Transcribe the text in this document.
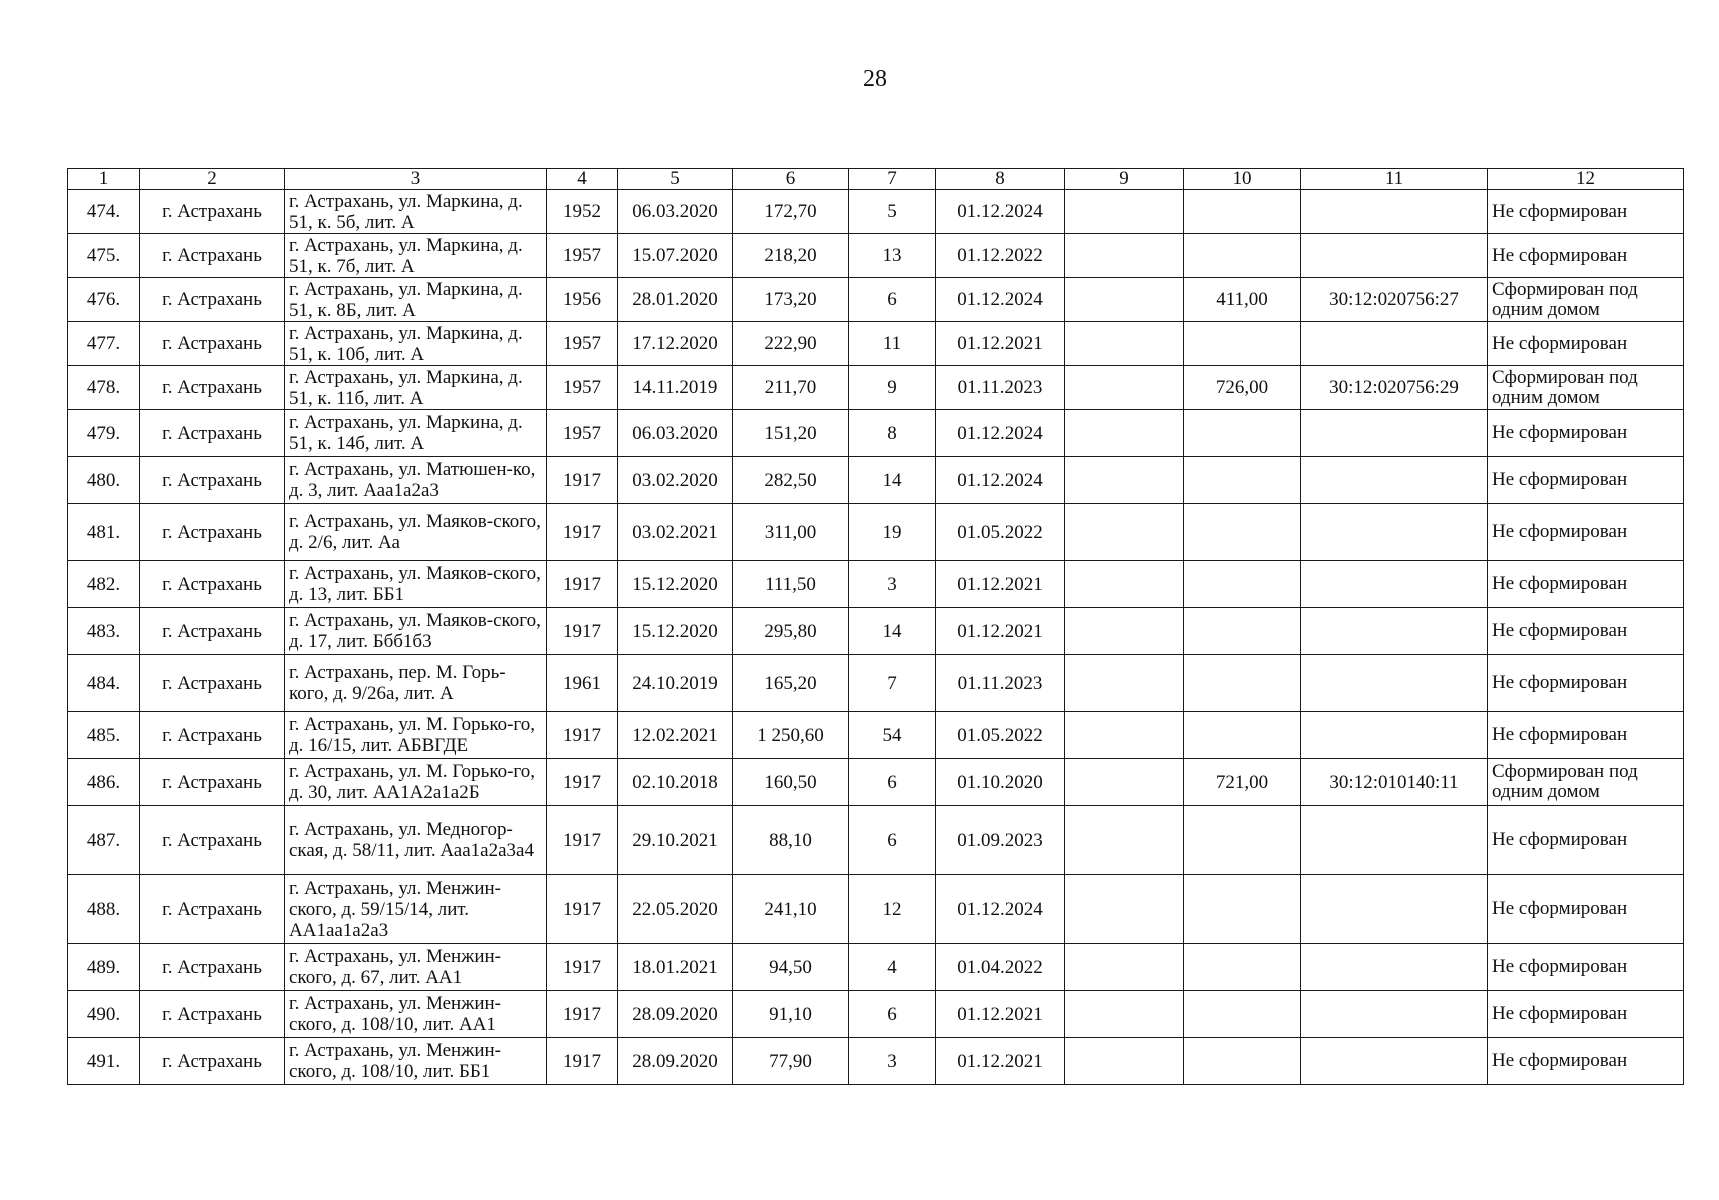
28
1	2	3	4	5	6	7	8	9	10	11	12
474.	г. Астрахань	г. Астрахань, ул. Маркина, д. 51, к. 5б, лит. А	1952	06.03.2020	172,70	5	01.12.2024				Не сформирован
475.	г. Астрахань	г. Астрахань, ул. Маркина, д. 51, к. 7б, лит. А	1957	15.07.2020	218,20	13	01.12.2022				Не сформирован
476.	г. Астрахань	г. Астрахань, ул. Маркина, д. 51, к. 8Б, лит. А	1956	28.01.2020	173,20	6	01.12.2024		411,00	30:12:020756:27	Сформирован под одним домом
477.	г. Астрахань	г. Астрахань, ул. Маркина, д. 51, к. 10б, лит. А	1957	17.12.2020	222,90	11	01.12.2021				Не сформирован
478.	г. Астрахань	г. Астрахань, ул. Маркина, д. 51, к. 11б, лит. А	1957	14.11.2019	211,70	9	01.11.2023		726,00	30:12:020756:29	Сформирован под одним домом
479.	г. Астрахань	г. Астрахань, ул. Маркина, д. 51, к. 14б, лит. А	1957	06.03.2020	151,20	8	01.12.2024				Не сформирован
480.	г. Астрахань	г. Астрахань, ул. Матюшен-ко, д. 3, лит. Ааа1а2а3	1917	03.02.2020	282,50	14	01.12.2024				Не сформирован
481.	г. Астрахань	г. Астрахань, ул. Маяков-ского, д. 2/6, лит. Аа	1917	03.02.2021	311,00	19	01.05.2022				Не сформирован
482.	г. Астрахань	г. Астрахань, ул. Маяков-ского, д. 13, лит. ББ1	1917	15.12.2020	111,50	3	01.12.2021				Не сформирован
483.	г. Астрахань	г. Астрахань, ул. Маяков-ского, д. 17, лит. Ббб1б3	1917	15.12.2020	295,80	14	01.12.2021				Не сформирован
484.	г. Астрахань	г. Астрахань, пер. М. Горь-кого, д. 9/26а, лит. А	1961	24.10.2019	165,20	7	01.11.2023				Не сформирован
485.	г. Астрахань	г. Астрахань, ул. М. Горько-го, д. 16/15, лит. АБВГДЕ	1917	12.02.2021	1 250,60	54	01.05.2022				Не сформирован
486.	г. Астрахань	г. Астрахань, ул. М. Горько-го, д. 30, лит. АА1А2а1а2Б	1917	02.10.2018	160,50	6	01.10.2020		721,00	30:12:010140:11	Сформирован под одним домом
487.	г. Астрахань	г. Астрахань, ул. Медногор-ская, д. 58/11, лит. Ааа1а2а3а4	1917	29.10.2021	88,10	6	01.09.2023				Не сформирован
488.	г. Астрахань	г. Астрахань, ул. Менжин-ского, д. 59/15/14, лит. АА1аа1а2а3	1917	22.05.2020	241,10	12	01.12.2024				Не сформирован
489.	г. Астрахань	г. Астрахань, ул. Менжин-ского, д. 67, лит. АА1	1917	18.01.2021	94,50	4	01.04.2022				Не сформирован
490.	г. Астрахань	г. Астрахань, ул. Менжин-ского, д. 108/10, лит. АА1	1917	28.09.2020	91,10	6	01.12.2021				Не сформирован
491.	г. Астрахань	г. Астрахань, ул. Менжин-ского, д. 108/10, лит. ББ1	1917	28.09.2020	77,90	3	01.12.2021				Не сформирован
